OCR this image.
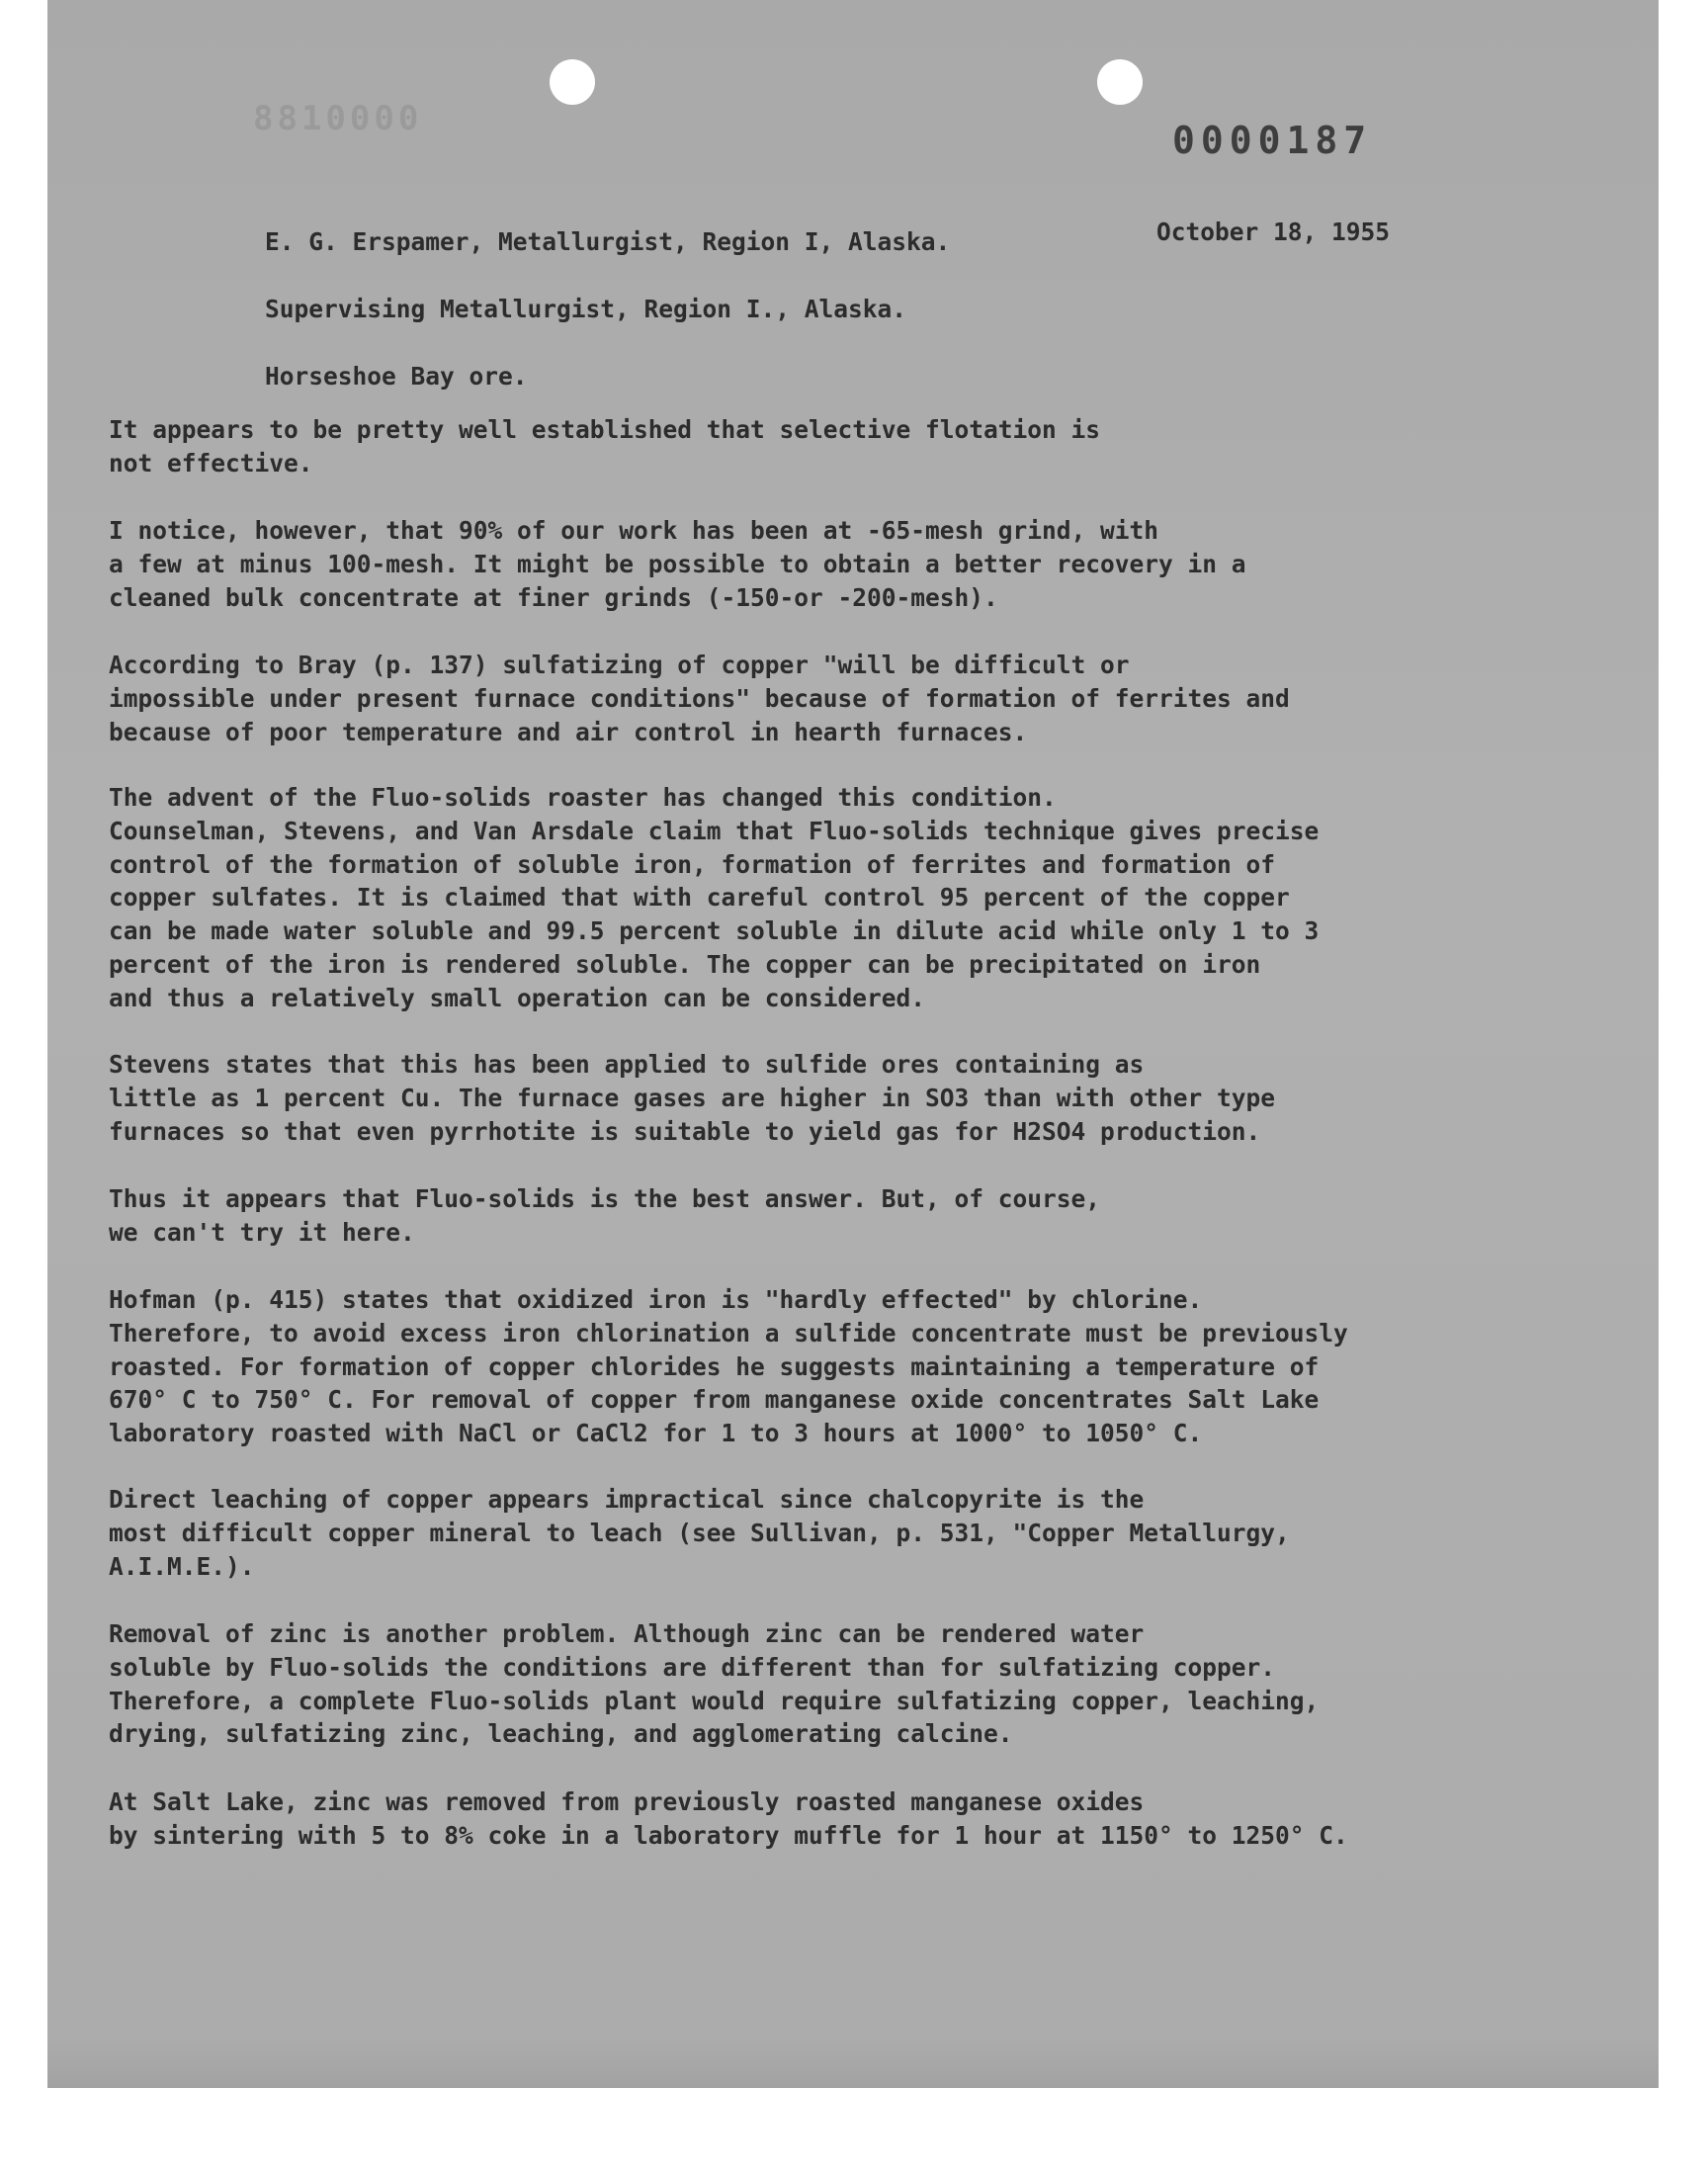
8810000	0000187
E. G. Erspamer, Metallurgist, Region I, Alaska.	October 18, 1955
Supervising Metallurgist, Region I., Alaska.
Horseshoe Bay ore.
It appears to be pretty well established that selective flotation is
not effective.
I notice, however, that 90% of our work has been at -65-mesh grind, with
a few at minus 100-mesh. It might be possible to obtain a better recovery in a
cleaned bulk concentrate at finer grinds (-150-or -200-mesh).
According to Bray (p. 137) sulfatizing of copper "will be difficult or
impossible under present furnace conditions" because of formation of ferrites and
because of poor temperature and air control in hearth furnaces.
The advent of the Fluo-solids roaster has changed this condition.
Counselman, Stevens, and Van Arsdale claim that Fluo-solids technique gives precise
control of the formation of soluble iron, formation of ferrites and formation of
copper sulfates. It is claimed that with careful control 95 percent of the copper
can be made water soluble and 99.5 percent soluble in dilute acid while only 1 to 3
percent of the iron is rendered soluble. The copper can be precipitated on iron
and thus a relatively small operation can be considered.
Stevens states that this has been applied to sulfide ores containing as
little as 1 percent Cu. The furnace gases are higher in SO3 than with other type
furnaces so that even pyrrhotite is suitable to yield gas for H2SO4 production.
Thus it appears that Fluo-solids is the best answer. But, of course,
we can't try it here.
Hofman (p. 415) states that oxidized iron is "hardly effected" by chlorine.
Therefore, to avoid excess iron chlorination a sulfide concentrate must be previously
roasted. For formation of copper chlorides he suggests maintaining a temperature of
670° C to 750° C. For removal of copper from manganese oxide concentrates Salt Lake
laboratory roasted with NaCl or CaCl2 for 1 to 3 hours at 1000° to 1050° C.
Direct leaching of copper appears impractical since chalcopyrite is the
most difficult copper mineral to leach (see Sullivan, p. 531, "Copper Metallurgy,
A.I.M.E.).
Removal of zinc is another problem. Although zinc can be rendered water
soluble by Fluo-solids the conditions are different than for sulfatizing copper.
Therefore, a complete Fluo-solids plant would require sulfatizing copper, leaching,
drying, sulfatizing zinc, leaching, and agglomerating calcine.
At Salt Lake, zinc was removed from previously roasted manganese oxides
by sintering with 5 to 8% coke in a laboratory muffle for 1 hour at 1150° to 1250° C.
